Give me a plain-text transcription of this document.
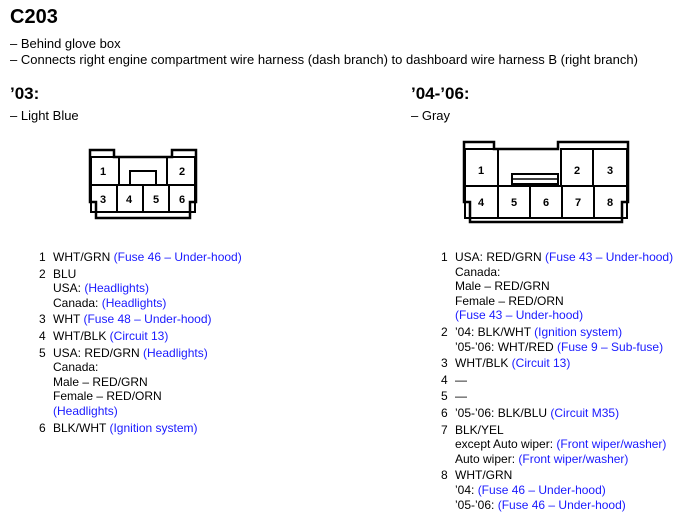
C203
– Behind glove box
– Connects right engine compartment wire harness (dash branch) to dashboard wire harness B (right branch)
’03:
– Light Blue
1	2
3 4 5 6
1 WHT/GRN (Fuse 46 – Under-hood)
2 BLU
USA: (Headlights)
Canada: (Headlights)
3 WHT (Fuse 48 – Under-hood)
4 WHT/BLK (Circuit 13)
5 USA: RED/GRN (Headlights)
Canada:
Male – RED/GRN
Female – RED/ORN
(Headlights)
6 BLK/WHT (Ignition system)
’04-’06:
– Gray
1	2 3
4 5 6 7 8
1 USA: RED/GRN (Fuse 43 – Under-hood)
Canada:
Male – RED/GRN
Female – RED/ORN
(Fuse 43 – Under-hood)
2 ’04: BLK/WHT (Ignition system)
’05-’06: WHT/RED (Fuse 9 – Sub-fuse)
3 WHT/BLK (Circuit 13)
4 —
5 —
6 ’05-’06: BLK/BLU (Circuit M35)
7 BLK/YEL
except Auto wiper: (Front wiper/washer)
Auto wiper: (Front wiper/washer)
8 WHT/GRN
’04: (Fuse 46 – Under-hood)
’05-’06: (Fuse 46 – Under-hood)
